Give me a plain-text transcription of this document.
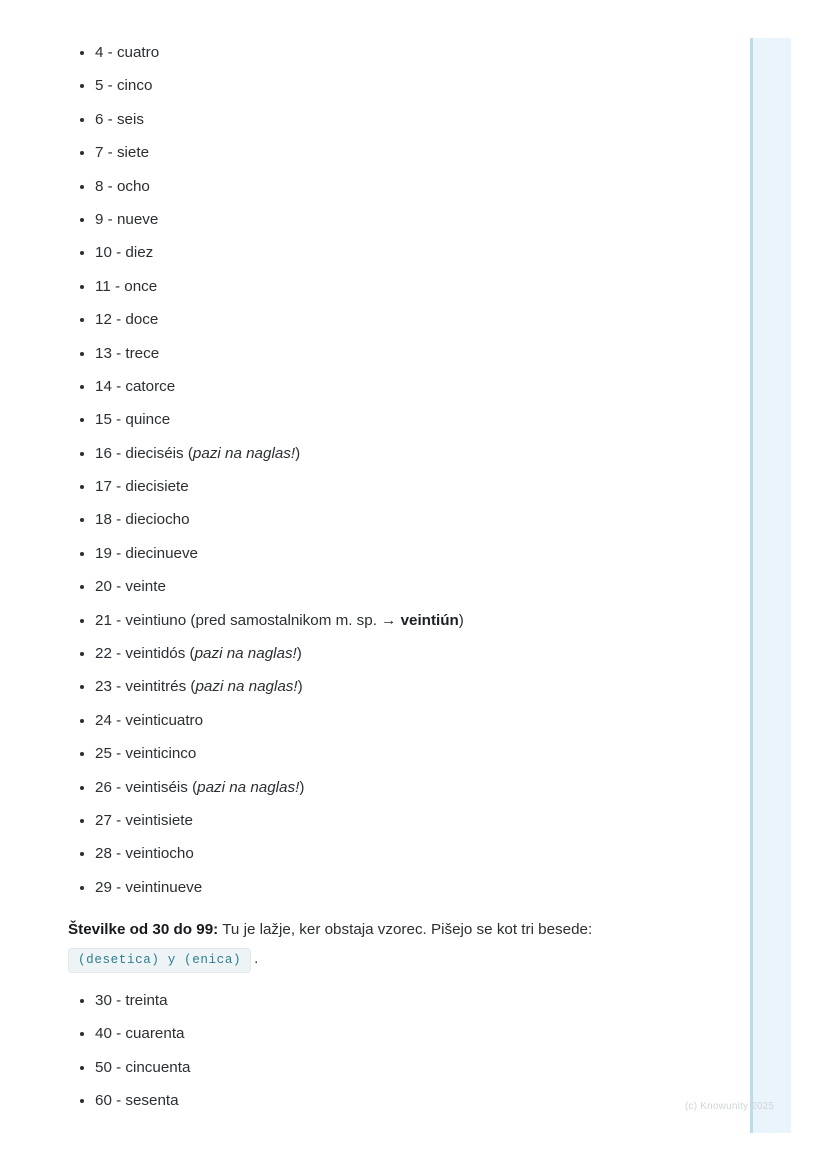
4 - cuatro
5 - cinco
6 - seis
7 - siete
8 - ocho
9 - nueve
10 - diez
11 - once
12 - doce
13 - trece
14 - catorce
15 - quince
16 - dieciséis (pazi na naglas!)
17 - diecisiete
18 - dieciocho
19 - diecinueve
20 - veinte
21 - veintiuno (pred samostalnikom m. sp. → veintiún)
22 - veintidós (pazi na naglas!)
23 - veintitrés (pazi na naglas!)
24 - veinticuatro
25 - veinticinco
26 - veintiséis (pazi na naglas!)
27 - veintisiete
28 - veintiocho
29 - veintinueve
Številke od 30 do 99: Tu je lažje, ker obstaja vzorec. Pišejo se kot tri besede:
(desetica) y (enica) .
30 - treinta
40 - cuarenta
50 - cincuenta
60 - sesenta	(c) Knowunity 2025
